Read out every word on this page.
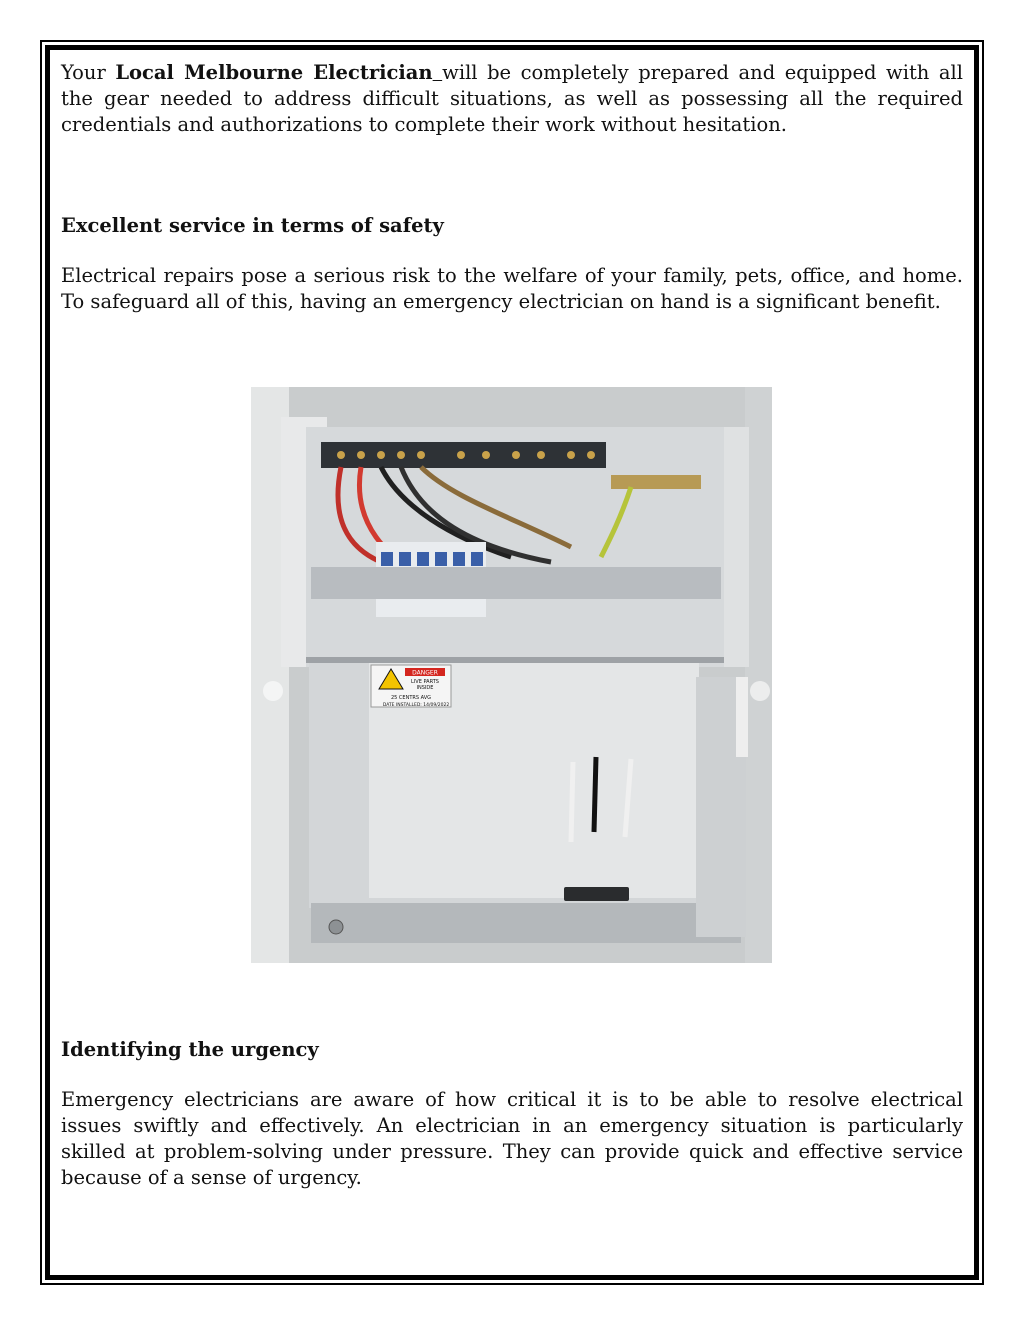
Your Local Melbourne Electrician will be completely prepared and equipped with all the gear needed to address difficult situations, as well as possessing all the required credentials and authorizations to complete their work without hesitation.

Excellent service in terms of safety

Electrical repairs pose a serious risk to the welfare of your family, pets, office, and home. To safeguard all of this, having an emergency electrician on hand is a significant benefit.

Identifying the urgency

Emergency electricians are aware of how critical it is to be able to resolve electrical issues swiftly and effectively. An electrician in an emergency situation is particularly skilled at problem-solving under pressure. They can provide quick and effective service because of a sense of urgency.

DANGER
LIVE PARTS
INSIDE
25 CENTRS AVG
DATE INSTALLED: 14/09/2022
